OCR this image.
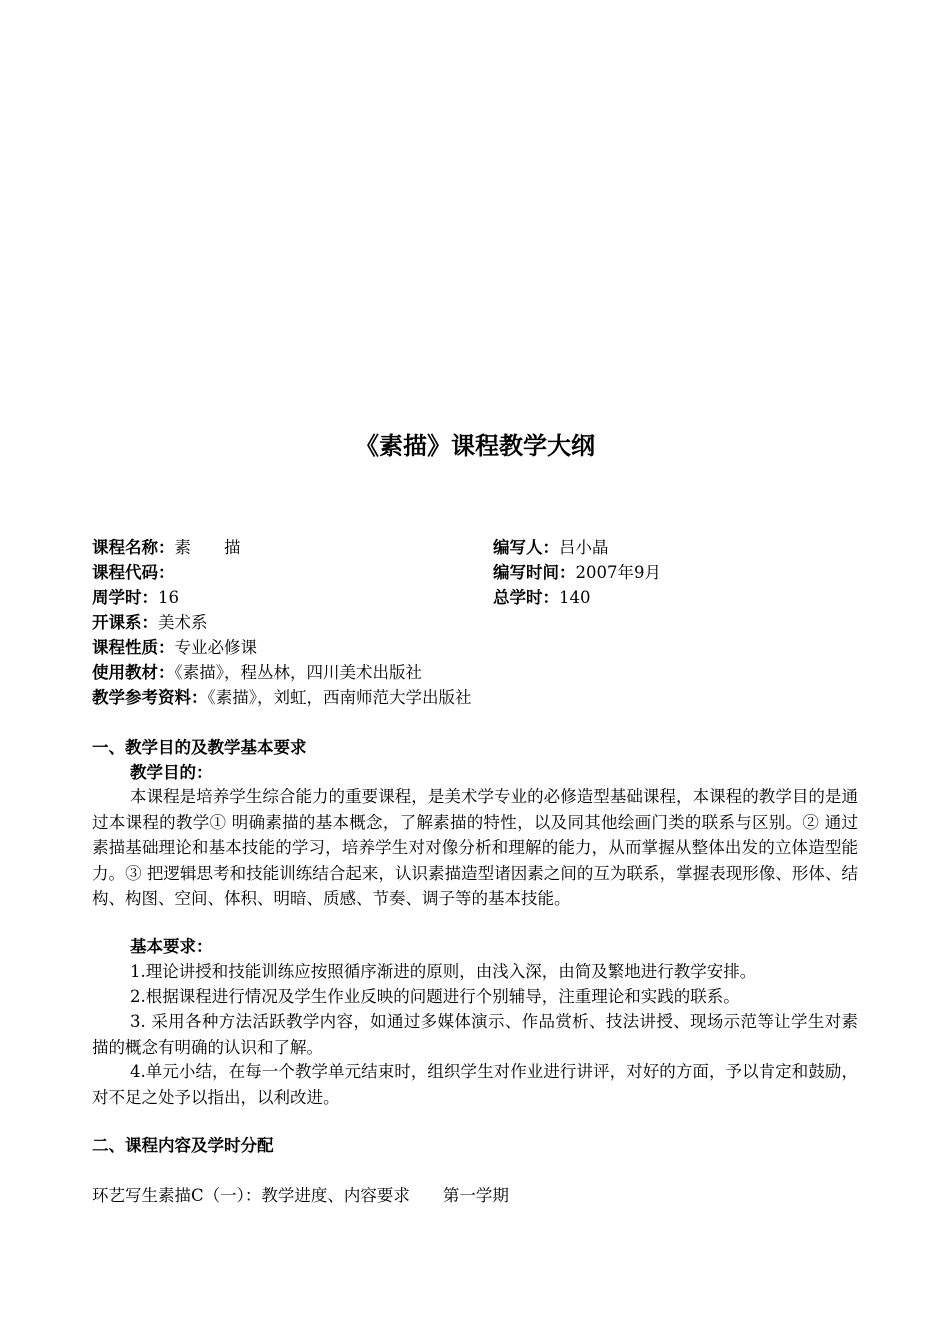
《素描》课程教学大纲
课程名称：素　　描	编写人：吕小晶
课程代码：	编写时间：2007年9月
周学时：16	总学时：140
开课系：美术系
课程性质：专业必修课
使用教材：《素描》，程丛林，四川美术出版社
教学参考资料：《素描》，刘虹，西南师范大学出版社
一、教学目的及教学基本要求
教学目的：
本课程是培养学生综合能力的重要课程，是美术学专业的必修造型基础课程，本课程的教学目的是通过本课程的教学① 明确素描的基本概念，了解素描的特性，以及同其他绘画门类的联系与区别。② 通过素描基础理论和基本技能的学习，培养学生对对像分析和理解的能力，从而掌握从整体出发的立体造型能力。③ 把逻辑思考和技能训练结合起来，认识素描造型诸因素之间的互为联系，掌握表现形像、形体、结构、构图、空间、体积、明暗、质感、节奏、调子等的基本技能。
基本要求：
1.理论讲授和技能训练应按照循序渐进的原则，由浅入深，由简及繁地进行教学安排。
2.根据课程进行情况及学生作业反映的问题进行个别辅导，注重理论和实践的联系。
3. 采用各种方法活跃教学内容，如通过多媒体演示、作品赏析、技法讲授、现场示范等让学生对素描的概念有明确的认识和了解。
4.单元小结，在每一个教学单元结束时，组织学生对作业进行讲评，对好的方面，予以肯定和鼓励，对不足之处予以指出，以利改进。
二、课程内容及学时分配
环艺写生素描C（一）：教学进度、内容要求　　第一学期
